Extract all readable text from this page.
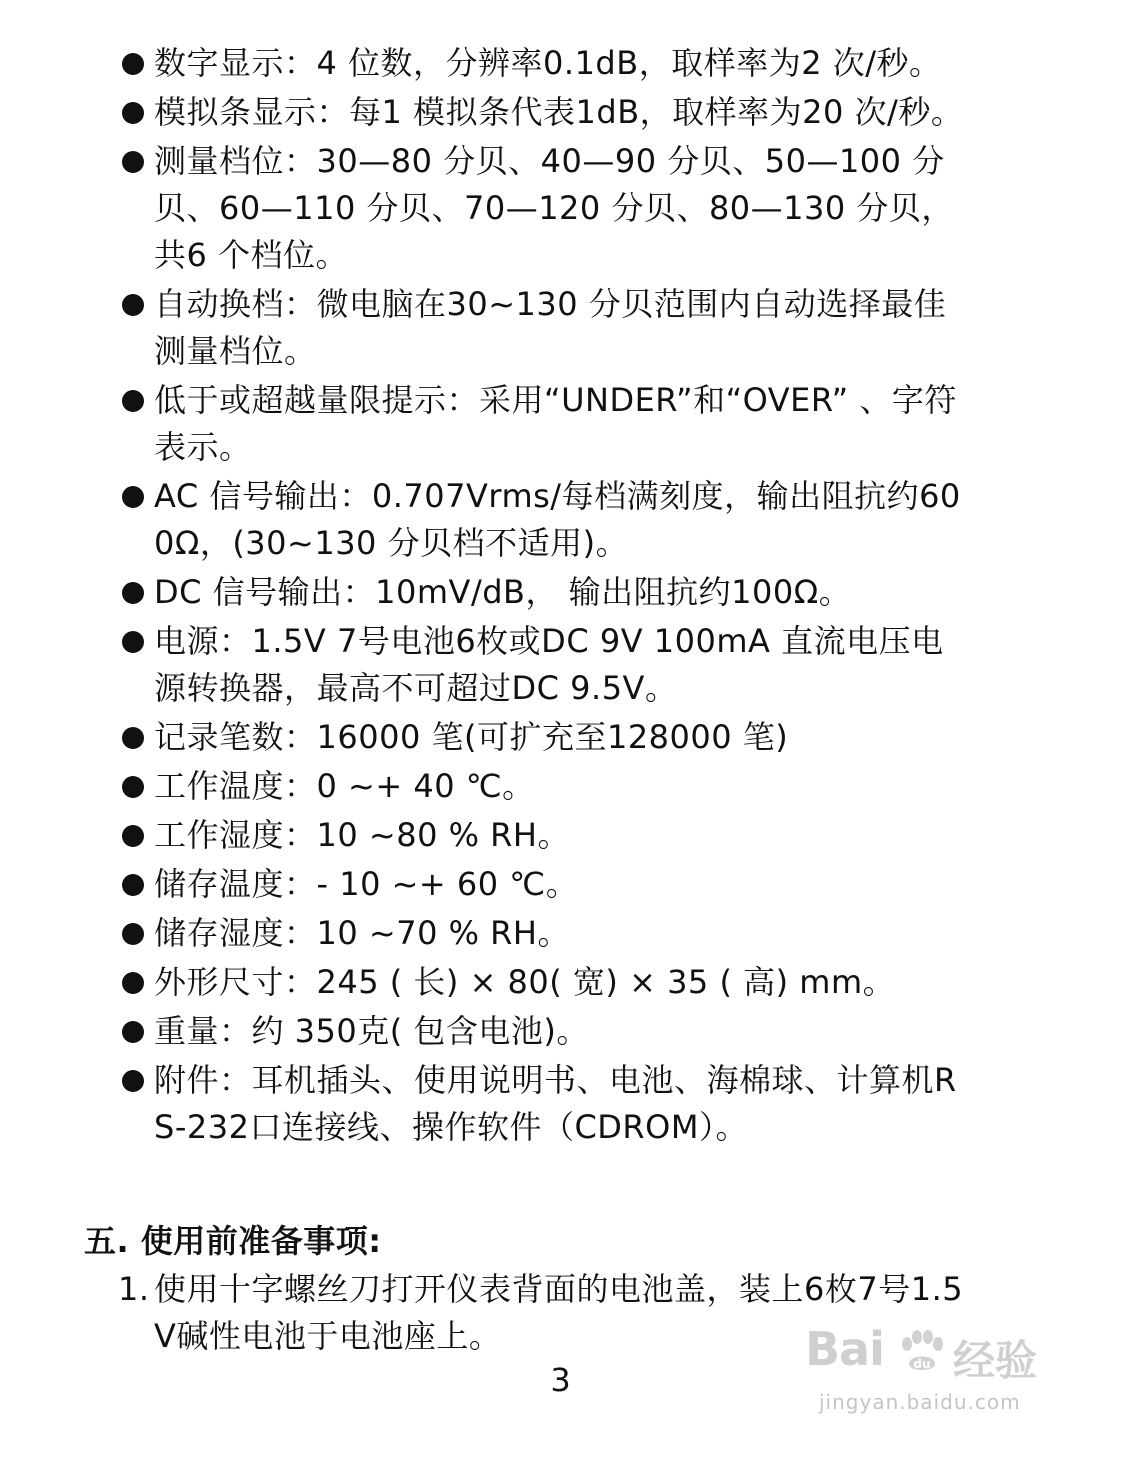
数字显示：4 位数，分辨率0.1dB，取样率为2 次/秒。
模拟条显示：每1 模拟条代表1dB，取样率为20 次/秒。
测量档位：30—80 分贝、40—90 分贝、50—100 分贝、60—110 分贝、70—120 分贝、80—130 分贝，共6 个档位。
自动换档：微电脑在30~130 分贝范围内自动选择最佳测量档位。
低于或超越量限提示：采用“UNDER”和“OVER” 、字符表示。
AC 信号输出：0.707Vrms/每档满刻度，输出阻抗约600Ω，(30~130 分贝档不适用)。
DC 信号输出：10mV/dB， 输出阻抗约100Ω。
电源：1.5V 7号电池6枚或DC 9V 100mA 直流电压电源转换器，最高不可超过DC 9.5V。
记录笔数：16000 笔(可扩充至128000 笔)
工作温度：0 ~+ 40 ℃。
工作湿度：10 ~80 % RH。
储存温度：- 10 ~+ 60 ℃。
储存湿度：10 ~70 % RH。
外形尺寸：245 ( 长) × 80( 宽) × 35 ( 高) mm。
重量：约 350克( 包含电池)。
附件：耳机插头、使用说明书、电池、海棉球、计算机RS-232口连接线、操作软件（CDROM）。
五. 使用前准备事项:
1. 使用十字螺丝刀打开仪表背面的电池盖，装上6枚7号1.5V碱性电池于电池座上。
3
Bai du 经验
jingyan.baidu.com
